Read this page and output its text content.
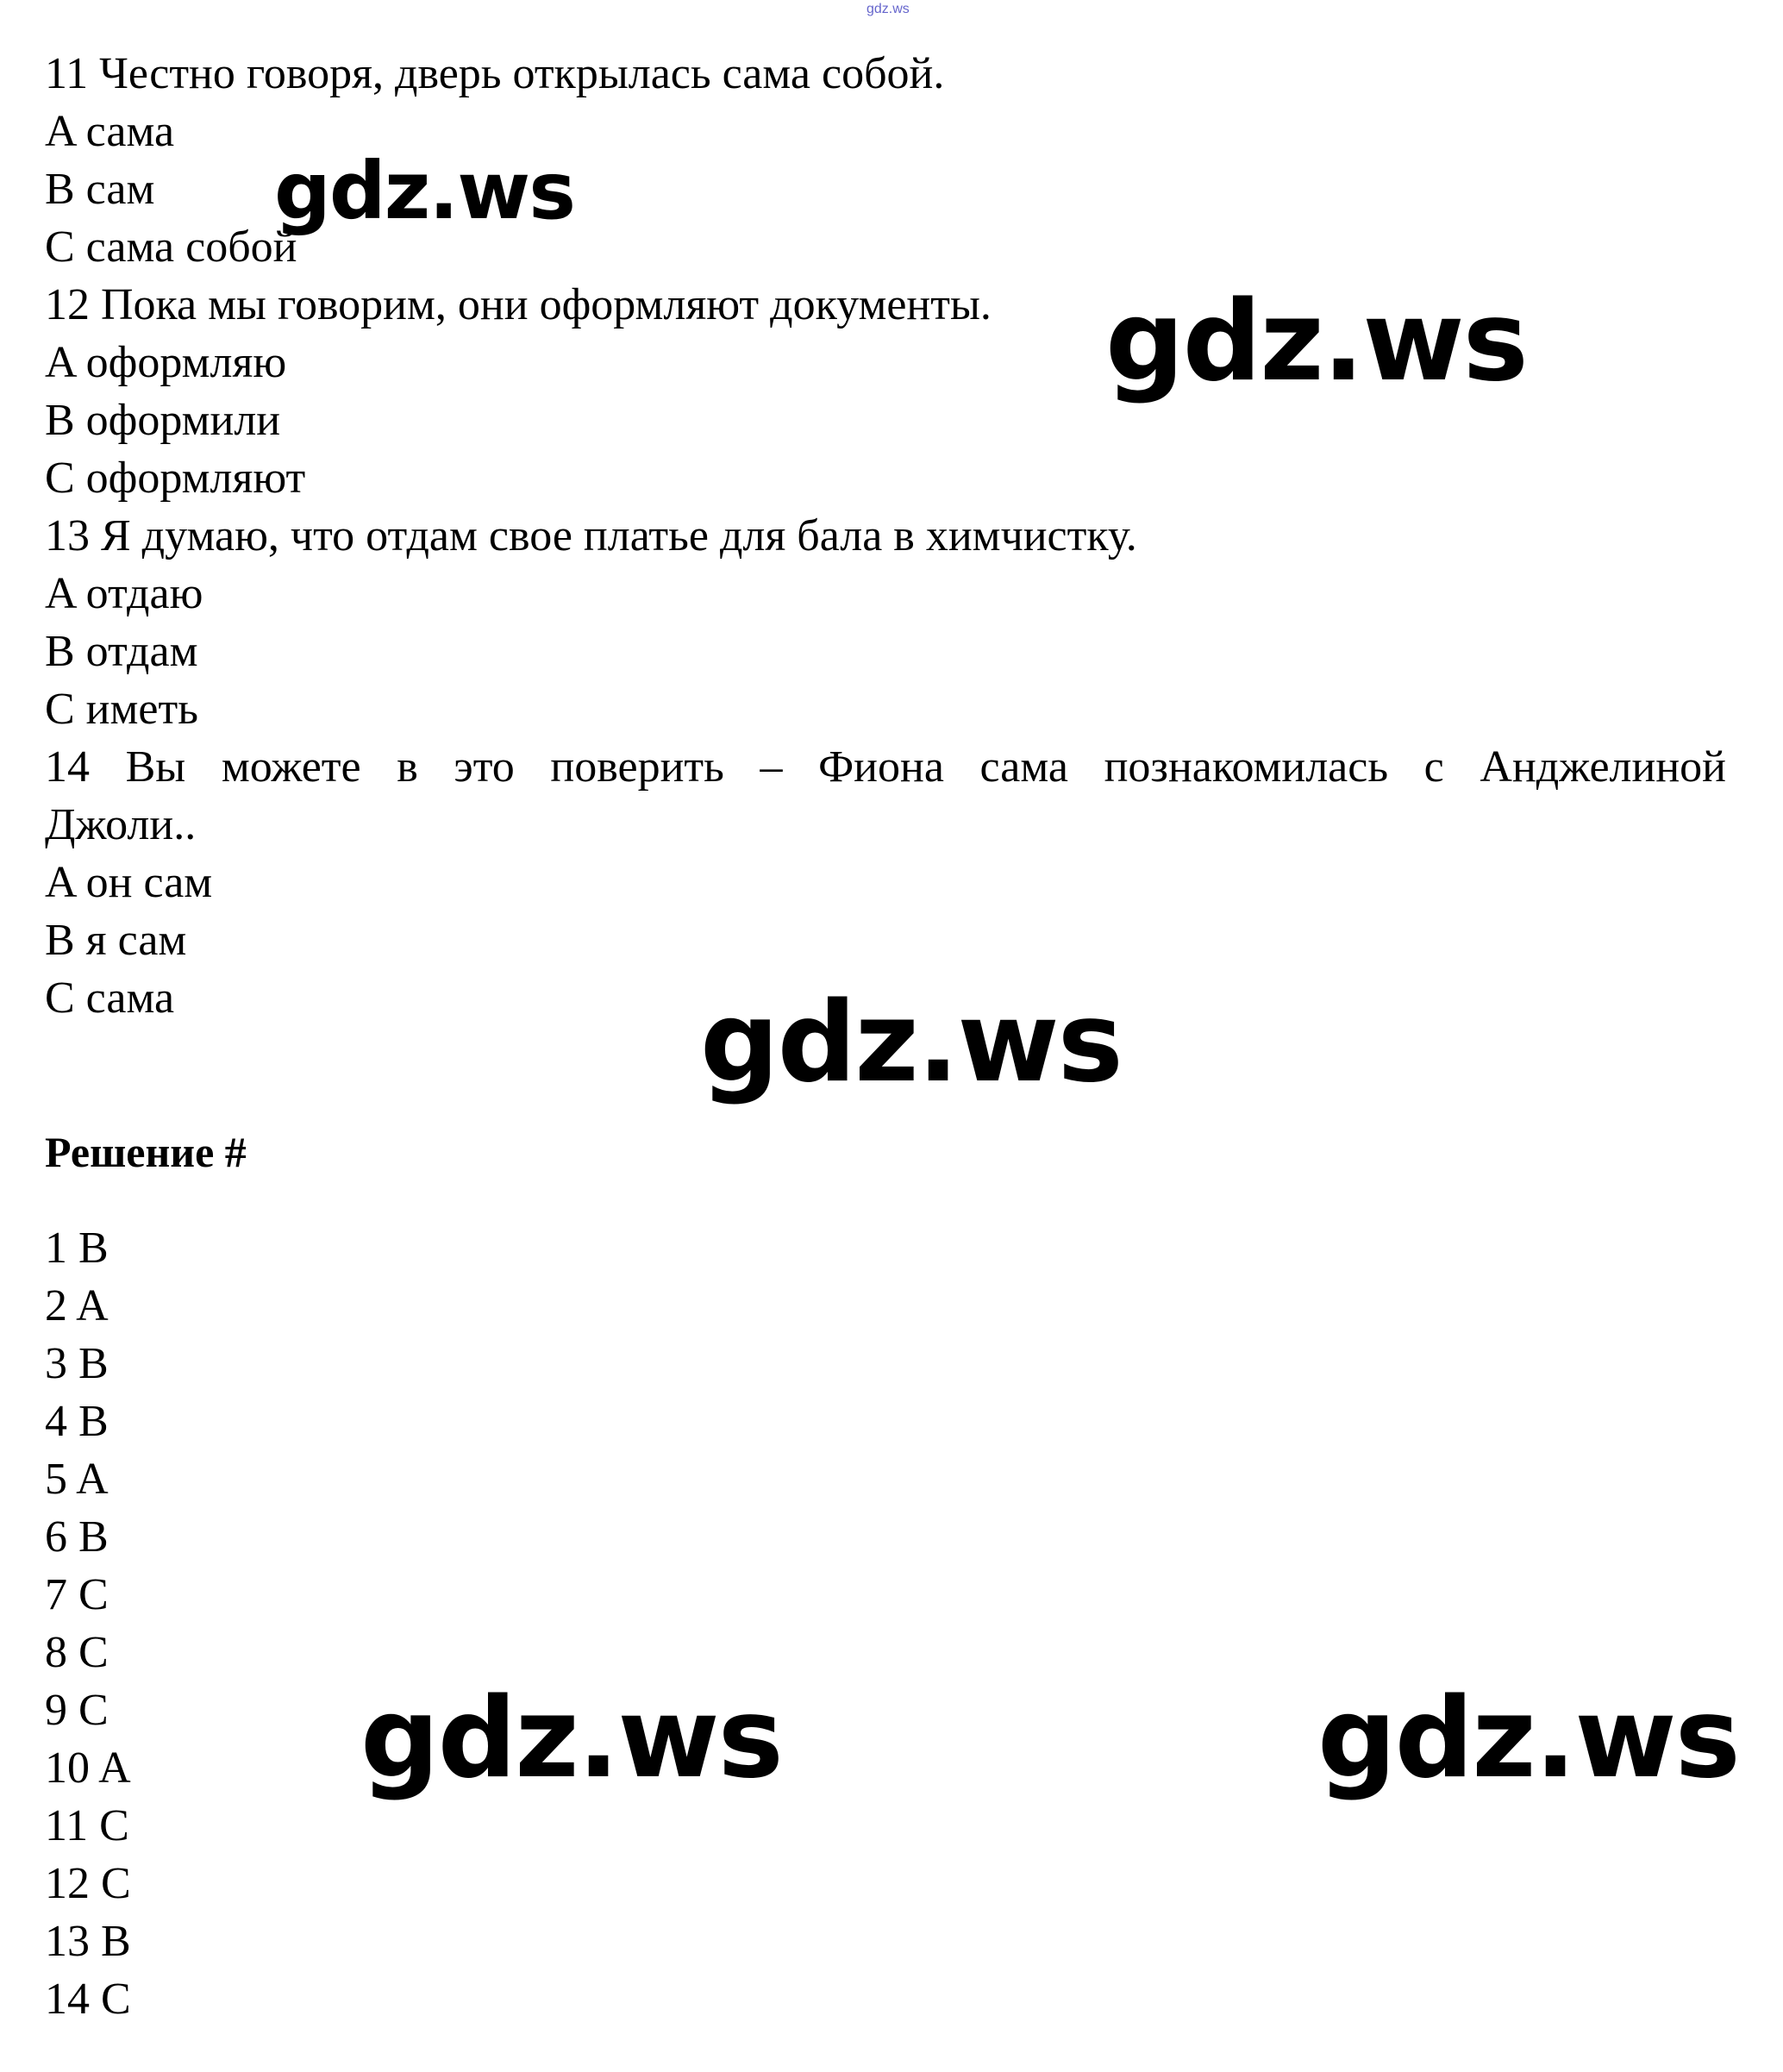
gdz.ws
11 Честно говоря, дверь открылась сама собой.
A сама
B сам
C сама собой
12 Пока мы говорим, они оформляют документы.
A оформляю
B оформили
C оформляют
13 Я думаю, что отдам свое платье для бала в химчистку.
A отдаю
B отдам
C иметь
14 Вы можете в это поверить – Фиона сама познакомилась с Анджелиной
Джоли..
A он сам
B я сам
C сама
Решение #
1 B
2 A
3 B
4 B
5 A
6 B
7 C
8 C
9 C
10 A
11 C
12 C
13 B
14 C
gdz.ws
gdz.ws
gdz.ws
gdz.ws	gdz.ws
